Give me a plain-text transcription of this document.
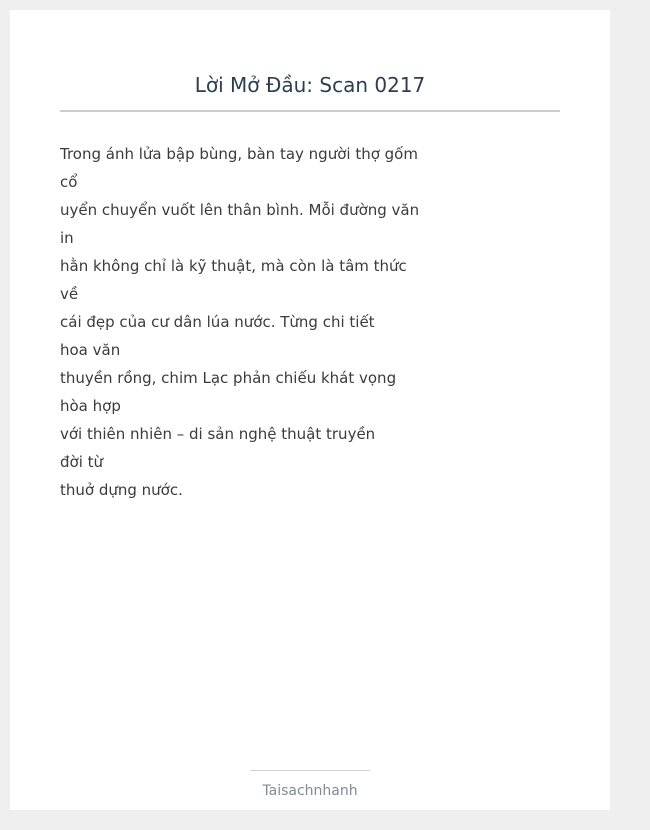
Lời Mở Đầu: Scan 0217
Trong ánh lửa bập bùng, bàn tay người thợ gốm
cổ
uyển chuyển vuốt lên thân bình. Mỗi đường văn
in
hằn không chỉ là kỹ thuật, mà còn là tâm thức
về
cái đẹp của cư dân lúa nước. Từng chi tiết
hoa văn
thuyền rồng, chim Lạc phản chiếu khát vọng
hòa hợp
với thiên nhiên – di sản nghệ thuật truyền
đời từ
thuở dựng nước.
Taisachnhanh
